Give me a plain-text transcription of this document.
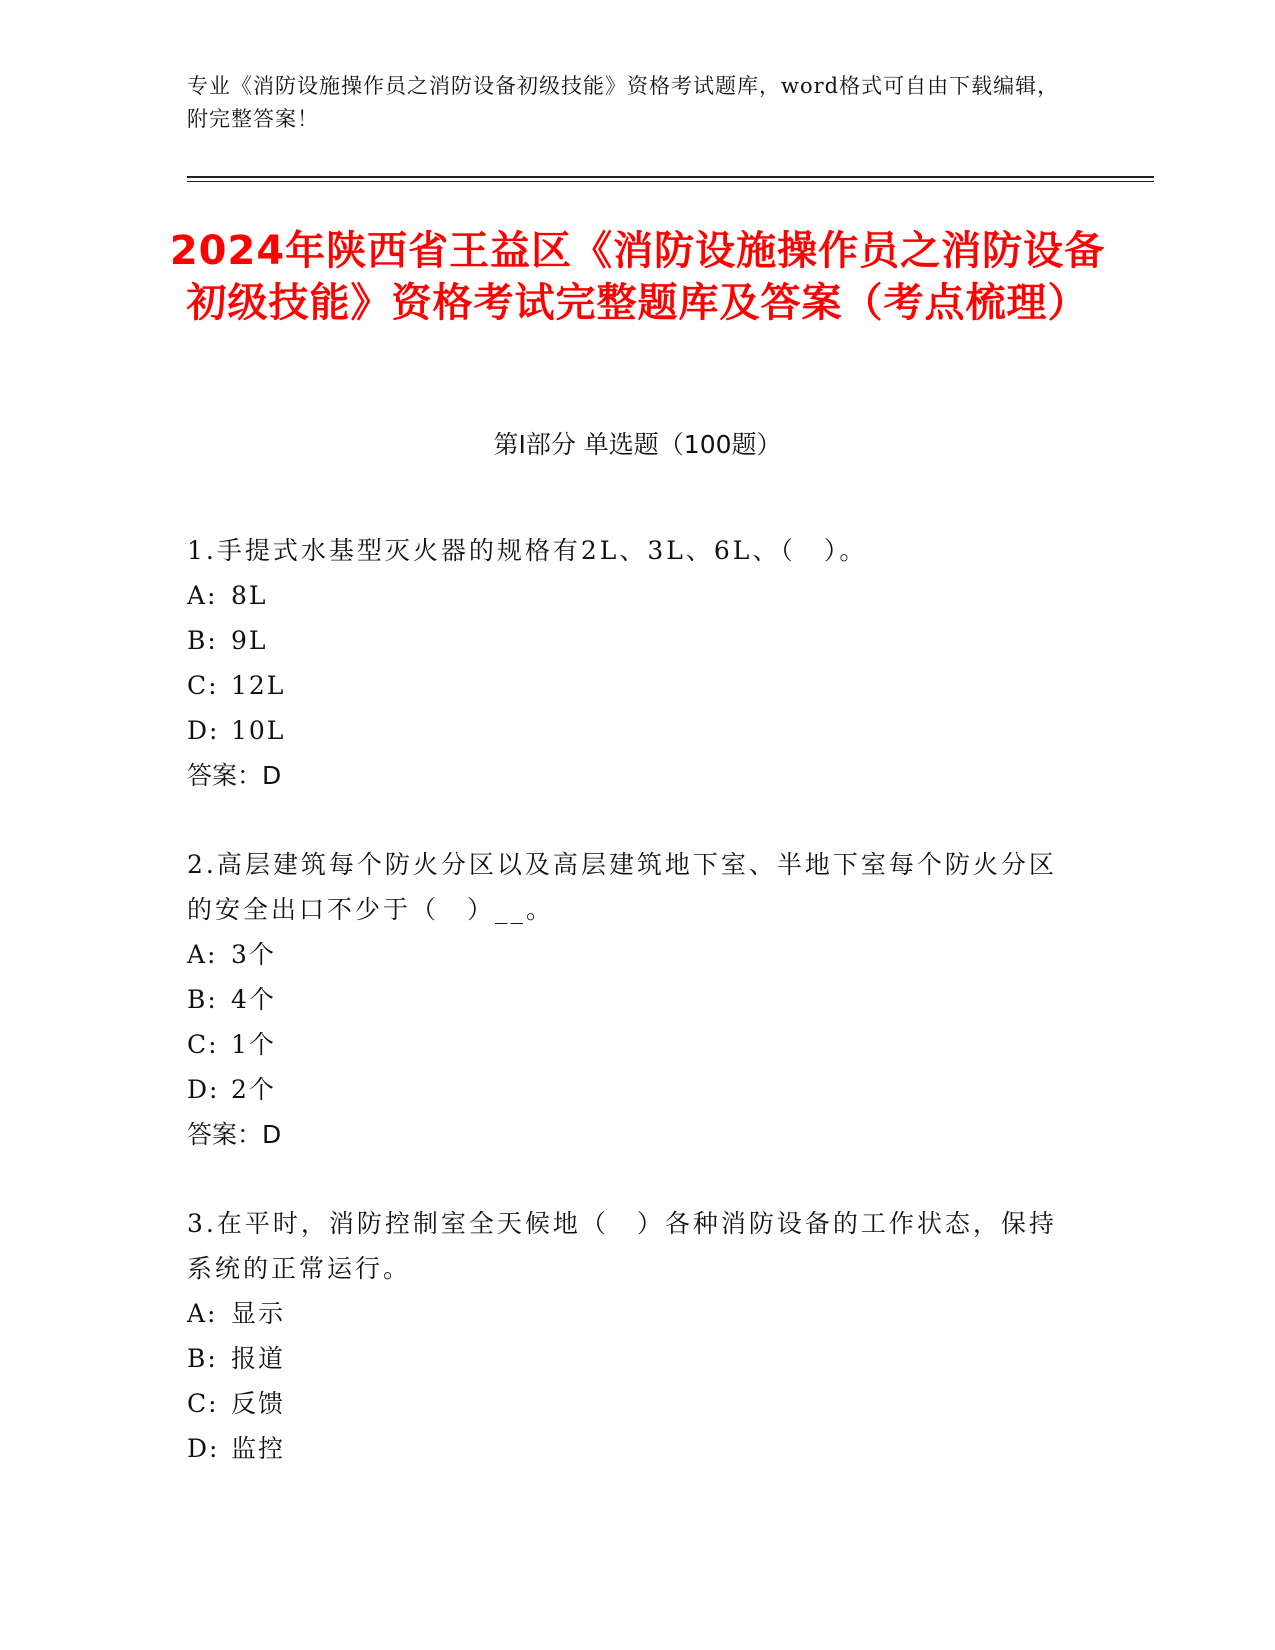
专业《消防设施操作员之消防设备初级技能》资格考试题库，word格式可自由下载编辑，附完整答案！
2024年陕西省王益区《消防设施操作员之消防设备初级技能》资格考试完整题库及答案（考点梳理）
第I部分 单选题（100题）
1.手提式水基型灭火器的规格有2L、3L、6L、（　）。
A: 8L
B: 9L
C: 12L
D: 10L
答案：D
2.高层建筑每个防火分区以及高层建筑地下室、半地下室每个防火分区的安全出口不少于（　）__。
A: 3个
B: 4个
C: 1个
D: 2个
答案：D
3.在平时，消防控制室全天候地（　）各种消防设备的工作状态，保持系统的正常运行。
A: 显示
B: 报道
C: 反馈
D: 监控
